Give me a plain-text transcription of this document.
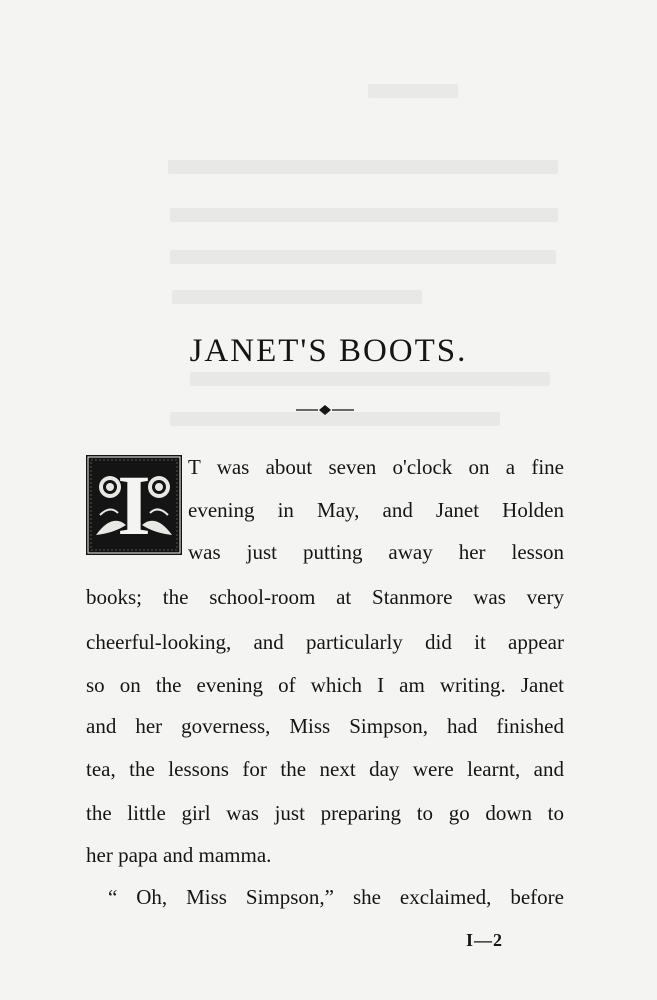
JANET'S BOOTS.
I	T was about seven o'clock on a fine
evening in May, and Janet Holden
was just putting away her lesson
books; the school-room at Stanmore was very
cheerful-looking, and particularly did it appear
so on the evening of which I am writing. Janet
and her governess, Miss Simpson, had finished
tea, the lessons for the next day were learnt, and
the little girl was just preparing to go down to
her papa and mamma.
“ Oh, Miss Simpson,” she exclaimed, before
I—2
